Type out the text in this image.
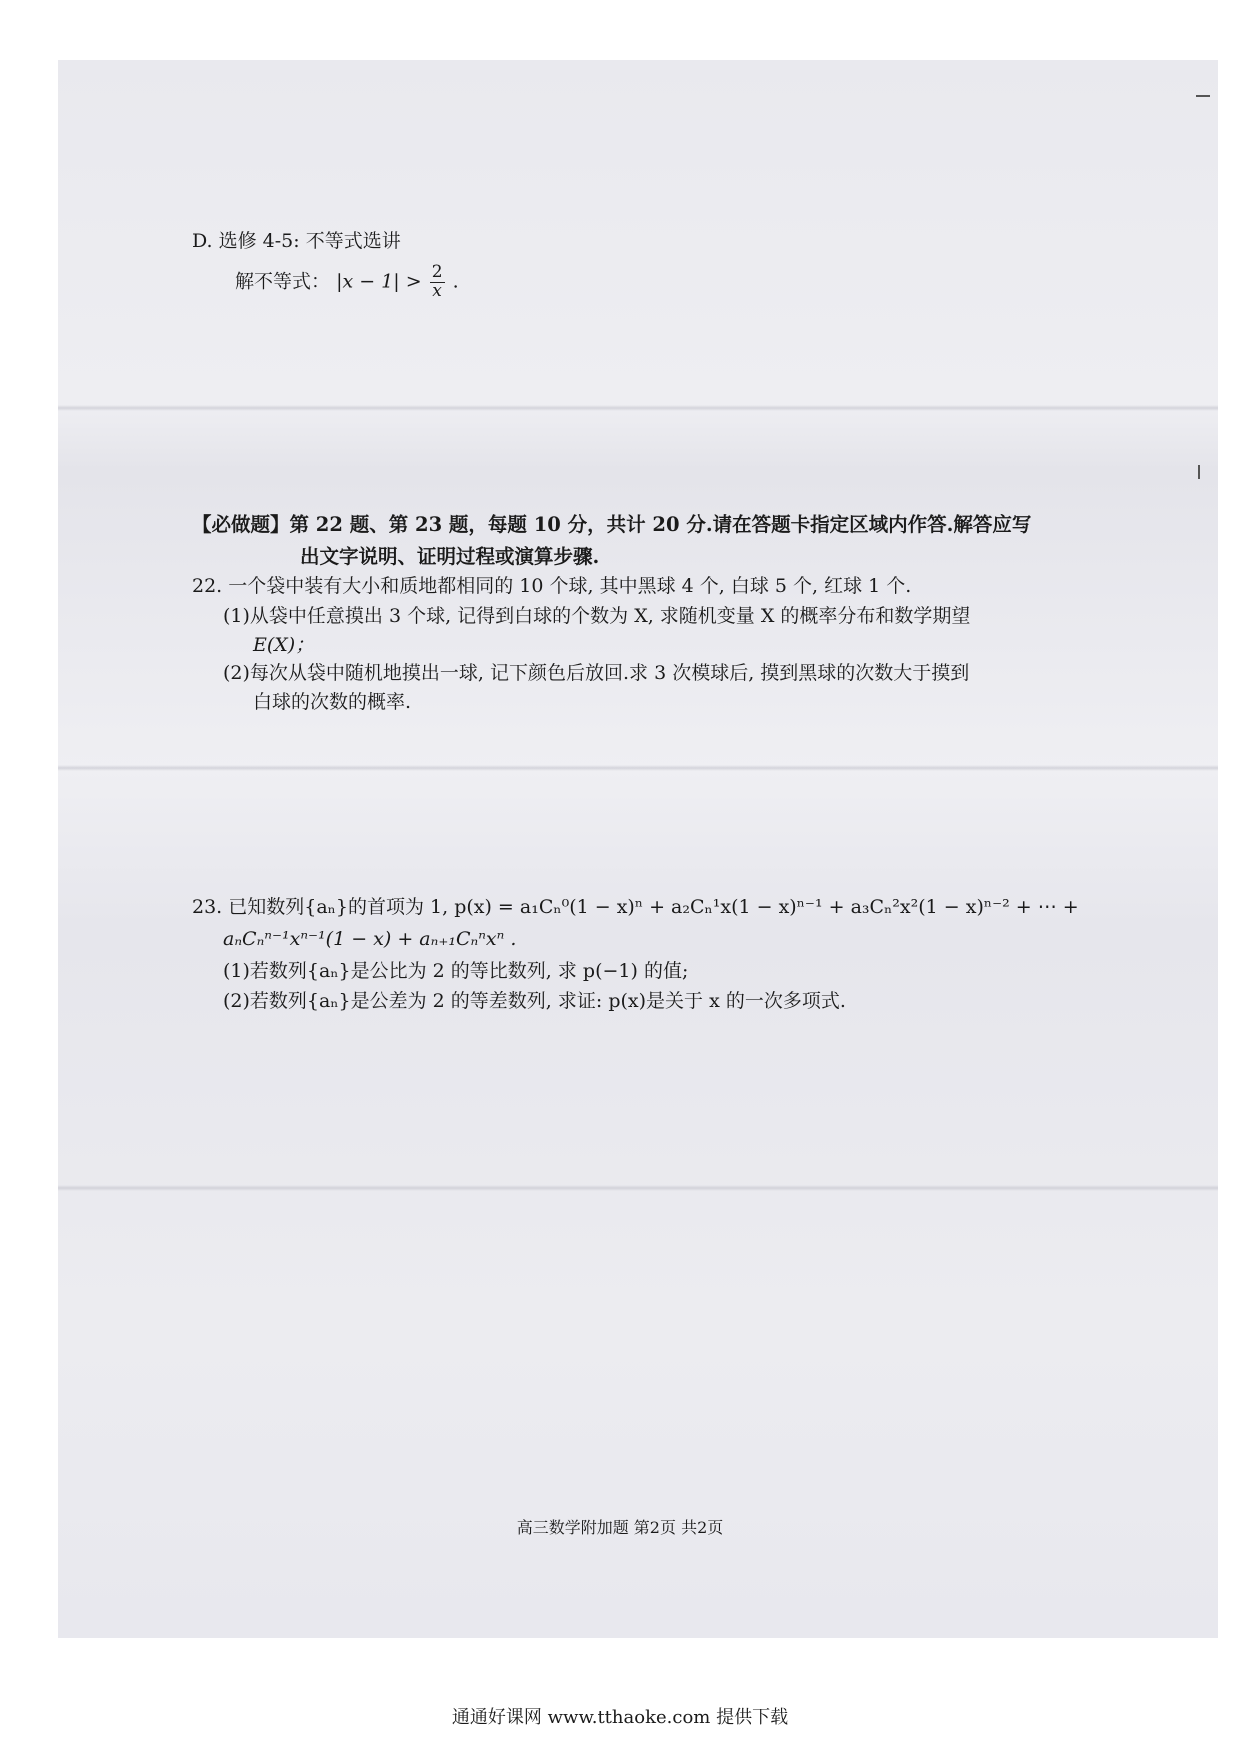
D. 选修 4-5: 不等式选讲
解不等式： $|x - 1| > \frac{2}{x}$ .
【必做题】第 22 题、第 23 题，每题 10 分，共计 20 分.请在答题卡指定区域内作答.解答应写
出文字说明、证明过程或演算步骤.
22. 一个袋中装有大小和质地都相同的 10 个球, 其中黑球 4 个, 白球 5 个, 红球 1 个.
(1)从袋中任意摸出 3 个球, 记得到白球的个数为 X, 求随机变量 X 的概率分布和数学期望
E(X)；
(2)每次从袋中随机地摸出一球, 记下颜色后放回.求 3 次模球后, 摸到黑球的次数大于摸到
白球的次数的概率.
23. 已知数列{aₙ}的首项为 1, p(x) = a₁Cₙ⁰(1 − x)ⁿ + a₂Cₙ¹x(1 − x)ⁿ⁻¹ + a₃Cₙ²x²(1 − x)ⁿ⁻² + ⋯ +
aₙCₙⁿ⁻¹xⁿ⁻¹(1 − x) + aₙ₊₁Cₙⁿxⁿ .
(1)若数列{aₙ}是公比为 2 的等比数列, 求 p(−1) 的值;
(2)若数列{aₙ}是公差为 2 的等差数列, 求证: p(x)是关于 x 的一次多项式.
高三数学附加题 第2页 共2页
通通好课网 www.tthaoke.com 提供下载
